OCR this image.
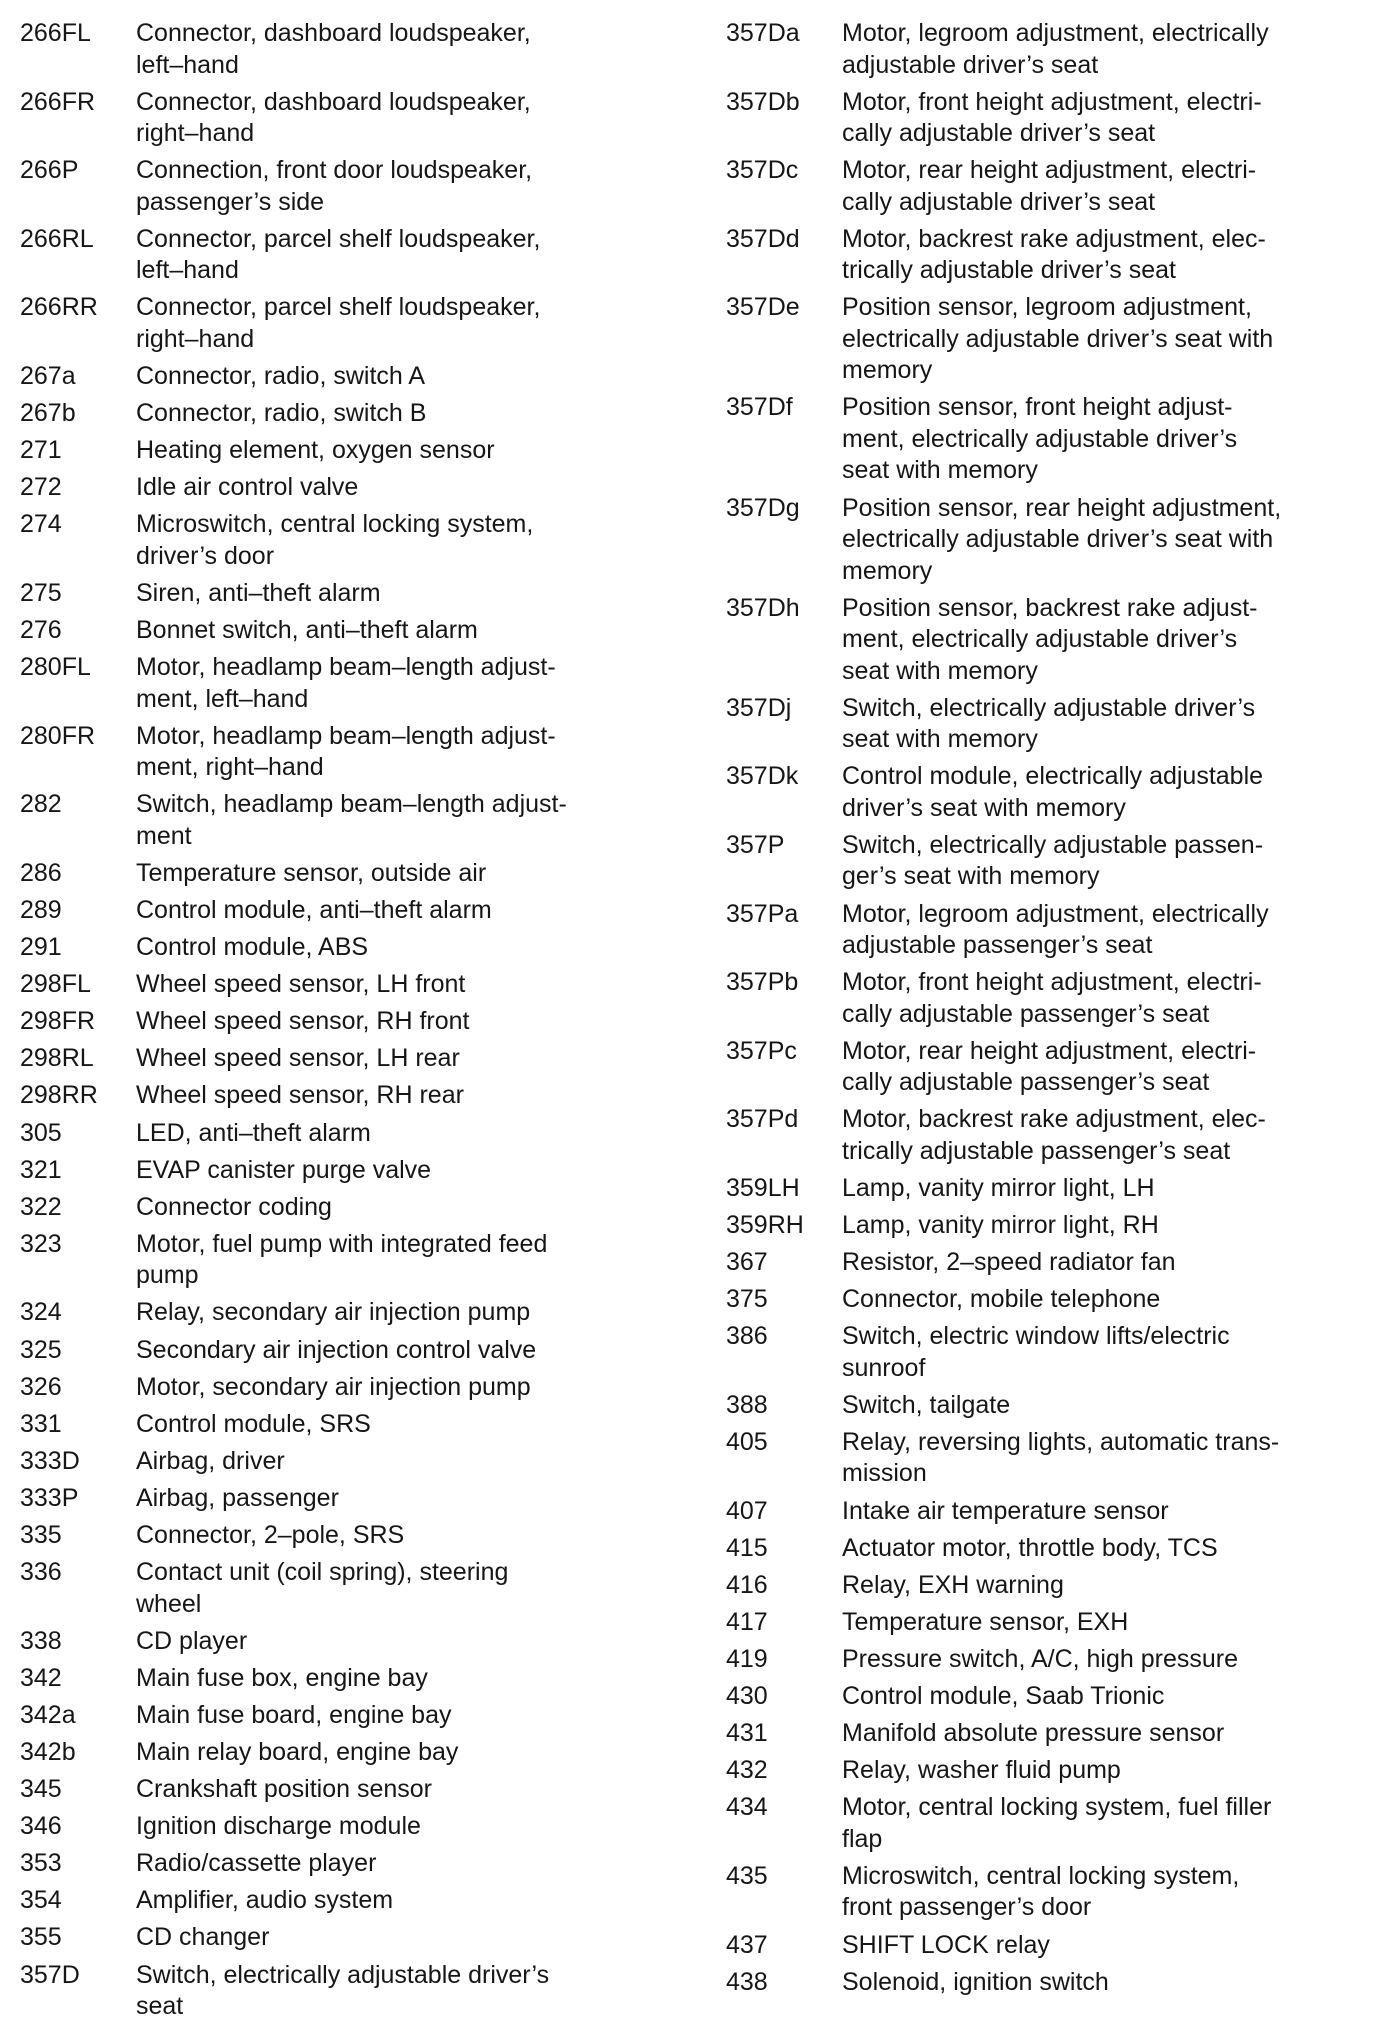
266FL	Connector, dashboard loudspeaker,
left–hand
266FR	Connector, dashboard loudspeaker,
right–hand
266P	Connection, front door loudspeaker,
passenger’s side
266RL	Connector, parcel shelf loudspeaker,
left–hand
266RR	Connector, parcel shelf loudspeaker,
right–hand
267a	Connector, radio, switch A
267b	Connector, radio, switch B
271	Heating element, oxygen sensor
272	Idle air control valve
274	Microswitch, central locking system,
driver’s door
275	Siren, anti–theft alarm
276	Bonnet switch, anti–theft alarm
280FL	Motor, headlamp beam–length adjust-
ment, left–hand
280FR	Motor, headlamp beam–length adjust-
ment, right–hand
282	Switch, headlamp beam–length adjust-
ment
286	Temperature sensor, outside air
289	Control module, anti–theft alarm
291	Control module, ABS
298FL	Wheel speed sensor, LH front
298FR	Wheel speed sensor, RH front
298RL	Wheel speed sensor, LH rear
298RR	Wheel speed sensor, RH rear
305	LED, anti–theft alarm
321	EVAP canister purge valve
322	Connector coding
323	Motor, fuel pump with integrated feed
pump
324	Relay, secondary air injection pump
325	Secondary air injection control valve
326	Motor, secondary air injection pump
331	Control module, SRS
333D	Airbag, driver
333P	Airbag, passenger
335	Connector, 2–pole, SRS
336	Contact unit (coil spring), steering
wheel
338	CD player
342	Main fuse box, engine bay
342a	Main fuse board, engine bay
342b	Main relay board, engine bay
345	Crankshaft position sensor
346	Ignition discharge module
353	Radio/cassette player
354	Amplifier, audio system
355	CD changer
357D	Switch, electrically adjustable driver’s
seat
357Da	Motor, legroom adjustment, electrically
adjustable driver’s seat
357Db	Motor, front height adjustment, electri-
cally adjustable driver’s seat
357Dc	Motor, rear height adjustment, electri-
cally adjustable driver’s seat
357Dd	Motor, backrest rake adjustment, elec-
trically adjustable driver’s seat
357De	Position sensor, legroom adjustment,
electrically adjustable driver’s seat with
memory
357Df	Position sensor, front height adjust-
ment, electrically adjustable driver’s
seat with memory
357Dg	Position sensor, rear height adjustment,
electrically adjustable driver’s seat with
memory
357Dh	Position sensor, backrest rake adjust-
ment, electrically adjustable driver’s
seat with memory
357Dj	Switch, electrically adjustable driver’s
seat with memory
357Dk	Control module, electrically adjustable
driver’s seat with memory
357P	Switch, electrically adjustable passen-
ger’s seat with memory
357Pa	Motor, legroom adjustment, electrically
adjustable passenger’s seat
357Pb	Motor, front height adjustment, electri-
cally adjustable passenger’s seat
357Pc	Motor, rear height adjustment, electri-
cally adjustable passenger’s seat
357Pd	Motor, backrest rake adjustment, elec-
trically adjustable passenger’s seat
359LH	Lamp, vanity mirror light, LH
359RH	Lamp, vanity mirror light, RH
367	Resistor, 2–speed radiator fan
375	Connector, mobile telephone
386	Switch, electric window lifts/electric
sunroof
388	Switch, tailgate
405	Relay, reversing lights, automatic trans-
mission
407	Intake air temperature sensor
415	Actuator motor, throttle body, TCS
416	Relay, EXH warning
417	Temperature sensor, EXH
419	Pressure switch, A/C, high pressure
430	Control module, Saab Trionic
431	Manifold absolute pressure sensor
432	Relay, washer fluid pump
434	Motor, central locking system, fuel filler
flap
435	Microswitch, central locking system,
front passenger’s door
437	SHIFT LOCK relay
438	Solenoid, ignition switch
